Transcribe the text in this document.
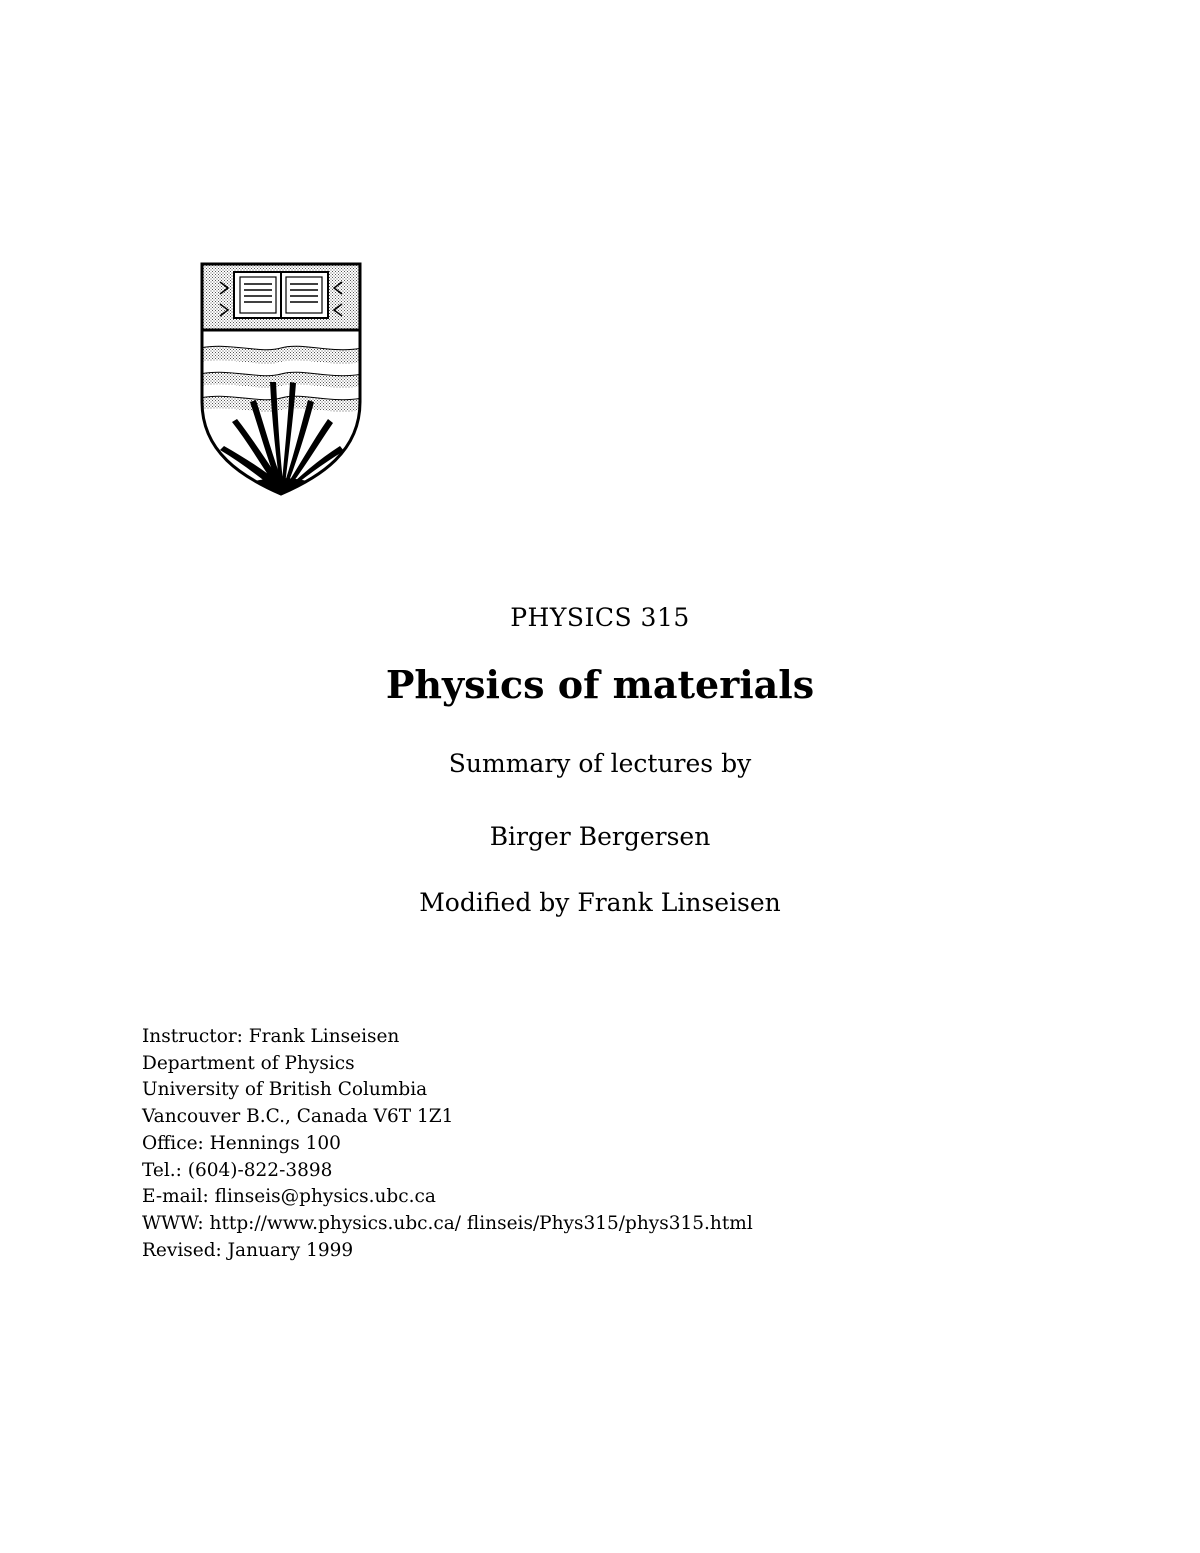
PHYSICS 315
Physics of materials
Summary of lectures by
Birger Bergersen
Modified by Frank Linseisen
Instructor: Frank Linseisen
Department of Physics
University of British Columbia
Vancouver B.C., Canada V6T 1Z1
Office: Hennings 100
Tel.: (604)-822-3898
E-mail: flinseis@physics.ubc.ca
WWW: http://www.physics.ubc.ca/ flinseis/Phys315/phys315.html
Revised: January 1999
